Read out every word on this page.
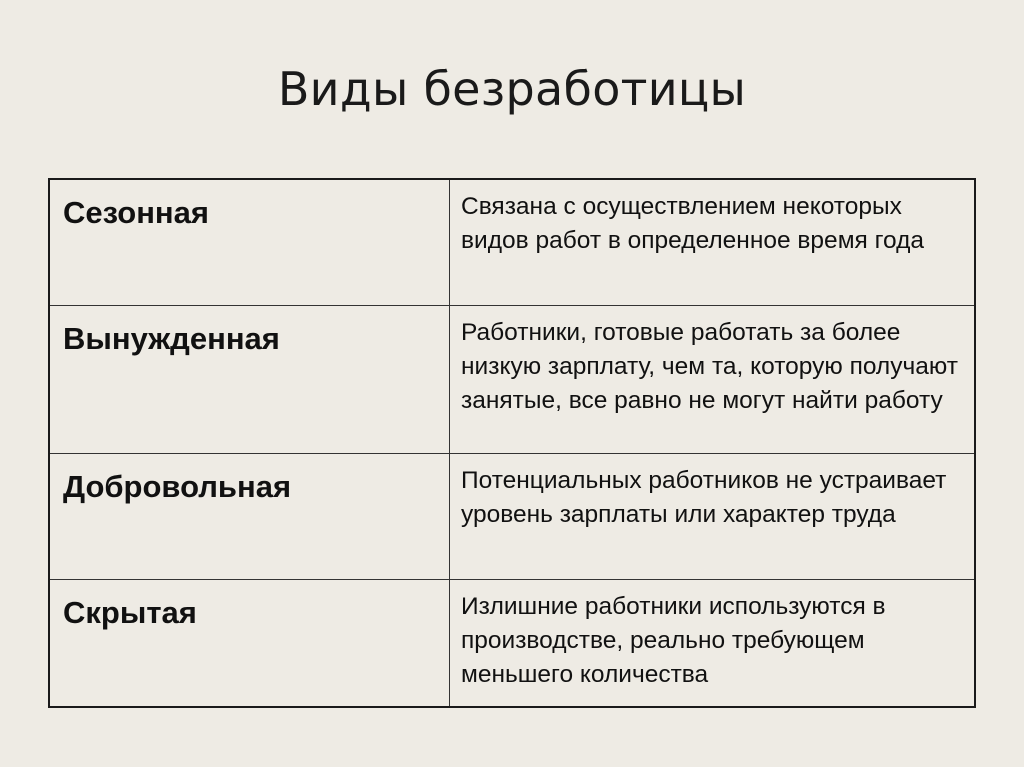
Виды безработицы
Сезонная	Связана с осуществлением некоторых видов работ в определенное время года
Вынужденная	Работники, готовые работать за более низкую зарплату, чем та, которую получают занятые, все равно не могут найти работу
Добровольная	Потенциальных работников не устраивает уровень зарплаты или характер труда
Скрытая	Излишние работники используются в производстве, реально требующем меньшего количества
